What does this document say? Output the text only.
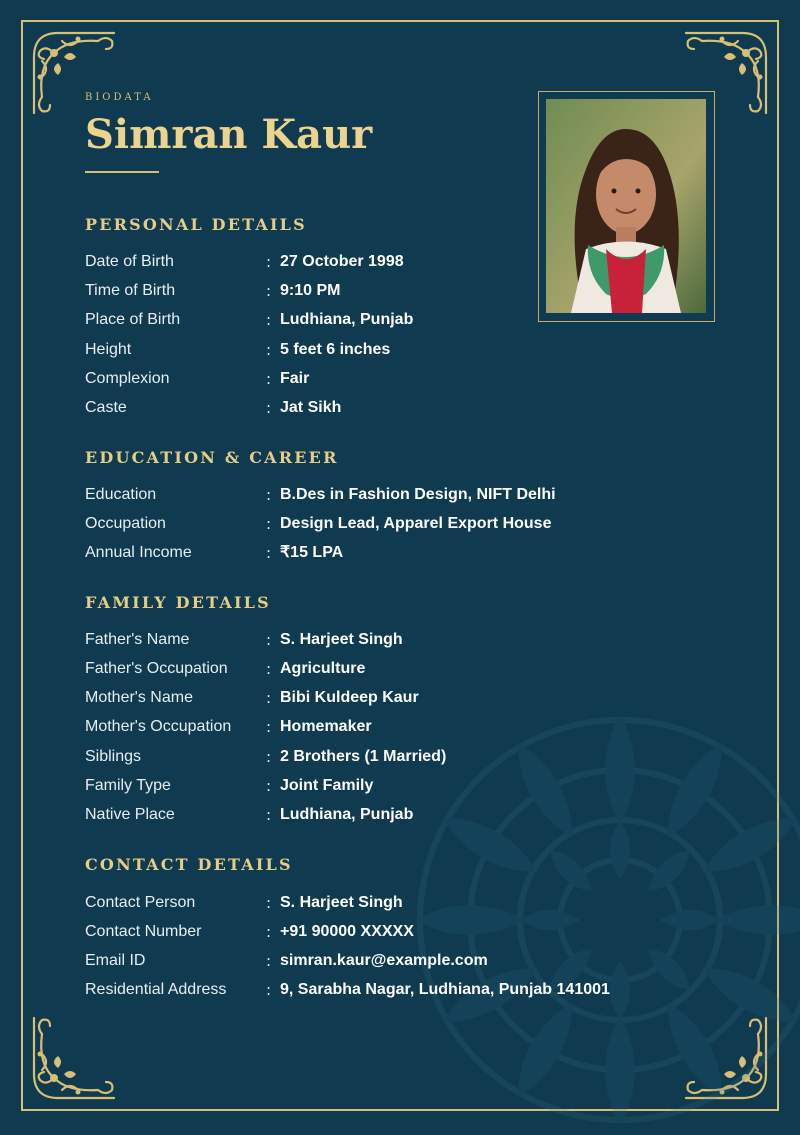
BIODATA
Simran Kaur
PERSONAL DETAILS
Date of Birth	: 27 October 1998
Time of Birth	: 9:10 PM
Place of Birth	: Ludhiana, Punjab
Height	: 5 feet 6 inches
Complexion	: Fair
Caste	: Jat Sikh
EDUCATION & CAREER
Education	: B.Des in Fashion Design, NIFT Delhi
Occupation	: Design Lead, Apparel Export House
Annual Income	: ₹15 LPA
FAMILY DETAILS
Father's Name	: S. Harjeet Singh
Father's Occupation	: Agriculture
Mother's Name	: Bibi Kuldeep Kaur
Mother's Occupation : Homemaker
Siblings	: 2 Brothers (1 Married)
Family Type	: Joint Family
Native Place	: Ludhiana, Punjab
CONTACT DETAILS
Contact Person	: S. Harjeet Singh
Contact Number	: +91 90000 XXXXX
Email ID	: simran.kaur@example.com
Residential Address	: 9, Sarabha Nagar, Ludhiana, Punjab 141001
